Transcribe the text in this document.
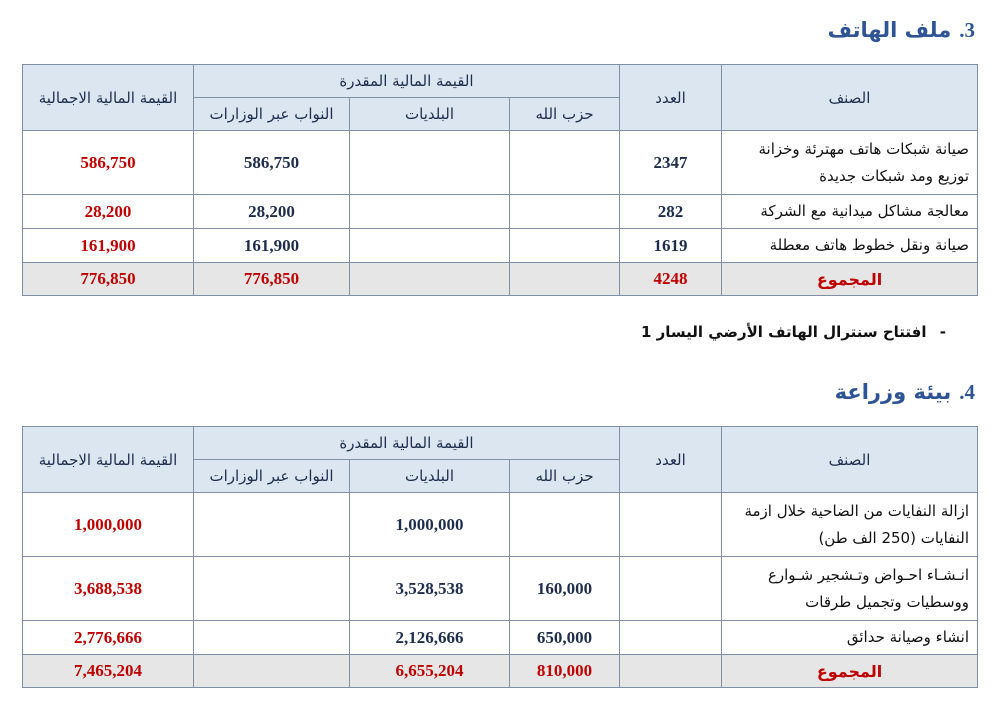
3.
ملف الهاتف
الصنف	العدد	القيمة المالية المقدرة			القيمة المالية الاجمالية
		حزب الله	البلديات	النواب عبر الوزارات	
صيانة شبكات هاتف مهترئة وخزانة توزيع ومد شبكات جديدة	2347			586,750	586,750
معالجة مشاكل ميدانية مع الشركة	282			28,200	28,200
صيانة ونقل خطوط هاتف معطلة	1619			161,900	161,900
المجموع	4248			776,850	776,850
- افتتاح سنترال الهاتف الأرضي اليسار 1
4.
بيئة وزراعة
الصنف	العدد	القيمة المالية المقدرة			القيمة المالية الاجمالية
		حزب الله	البلديات	النواب عبر الوزارات	
ازالة النفايات من الضاحية خلال ازمة النفايات (250 الف طن)			1,000,000		1,000,000
انـشـاء احـواض وتـشجير شـوارع ووسطيات وتجميل طرقات		160,000	3,528,538		3,688,538
انشاء وصيانة حدائق		650,000	2,126,666		2,776,666
المجموع		810,000	6,655,204		7,465,204
